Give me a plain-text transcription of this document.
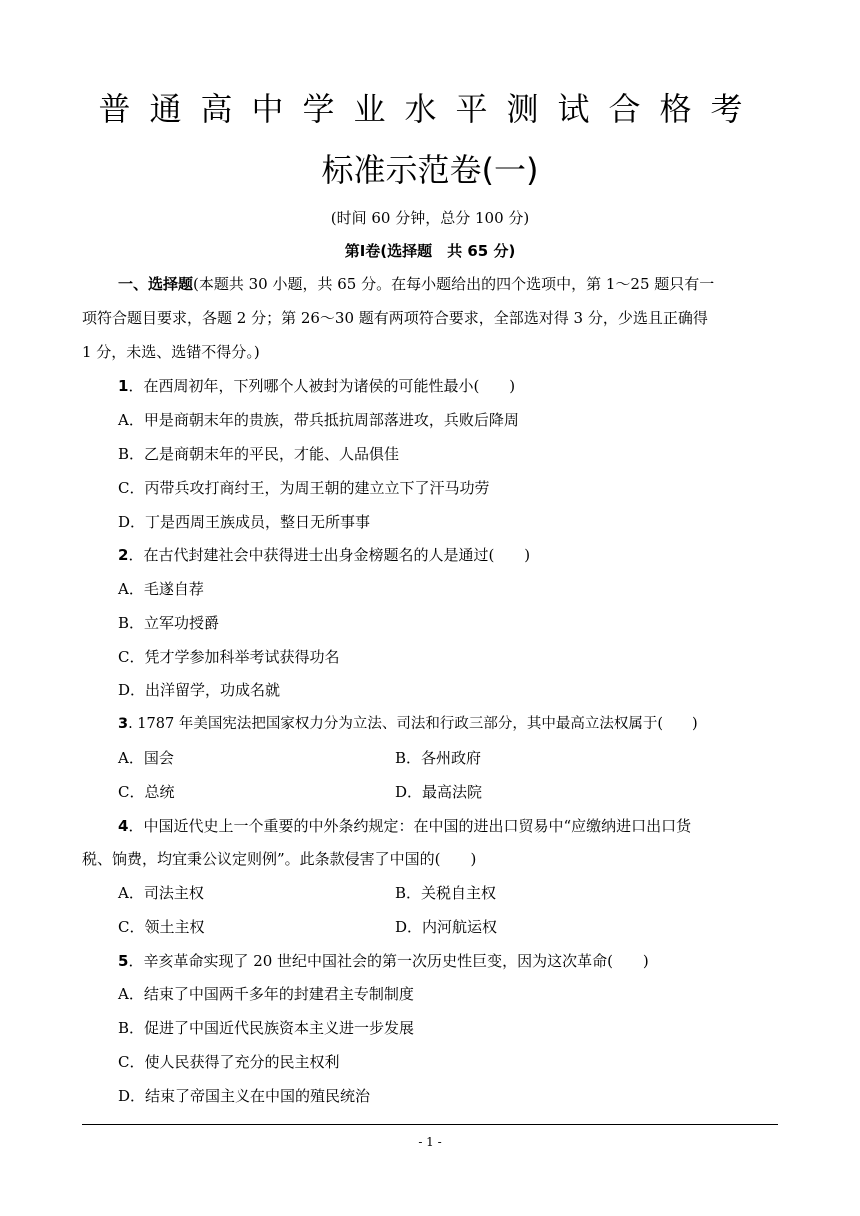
普通高中学业水平测试合格考
标准示范卷(一)
(时间 60 分钟，总分 100 分)
第Ⅰ卷(选择题　共 65 分)
一、选择题(本题共 30 小题，共 65 分。在每小题给出的四个选项中，第 1～25 题只有一
项符合题目要求，各题 2 分；第 26～30 题有两项符合要求，全部选对得 3 分，少选且正确得
1 分，未选、选错不得分。)
1．在西周初年，下列哪个人被封为诸侯的可能性最小(　　)
A．甲是商朝末年的贵族，带兵抵抗周部落进攻，兵败后降周
B．乙是商朝末年的平民，才能、人品俱佳
C．丙带兵攻打商纣王，为周王朝的建立立下了汗马功劳
D．丁是西周王族成员，整日无所事事
2．在古代封建社会中获得进士出身金榜题名的人是通过(　　)
A．毛遂自荐
B．立军功授爵
C．凭才学参加科举考试获得功名
D．出洋留学，功成名就
3. 1787 年美国宪法把国家权力分为立法、司法和行政三部分，其中最高立法权属于(　　)
A．国会	B．各州政府
C．总统	D．最高法院
4．中国近代史上一个重要的中外条约规定：在中国的进出口贸易中“应缴纳进口出口货
税、饷费，均宜秉公议定则例”。此条款侵害了中国的(　　)
A．司法主权	B．关税自主权
C．领土主权	D．内河航运权
5．辛亥革命实现了 20 世纪中国社会的第一次历史性巨变，因为这次革命(　　)
A．结束了中国两千多年的封建君主专制制度
B．促进了中国近代民族资本主义进一步发展
C．使人民获得了充分的民主权利
D．结束了帝国主义在中国的殖民统治
- 1 -
